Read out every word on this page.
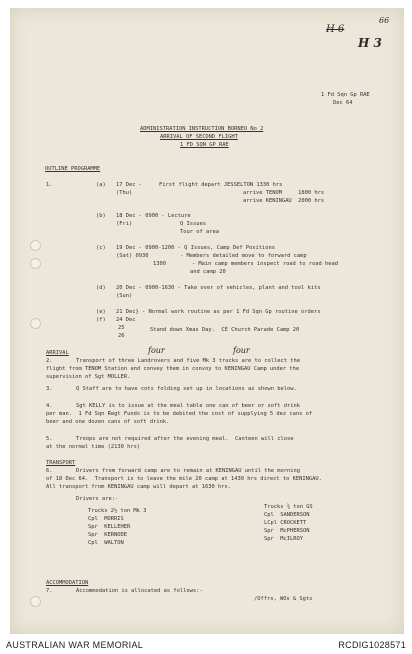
66
H 6
H 3
1 Fd Sqn Gp RAE
Dec 64
ADMINISTRATION INSTRUCTION BORNEO No 2
ARRIVAL OF SECOND FLIGHT
1 FD SQN GP RAE
OUTLINE PROGRAMME
1.	(a) 17 Dec -
(Thu)
First flight depart JESSELTON 1330 hrs
arrive TENOM     1800 hrs
arrive KENINGAU  2000 hrs
(b) 18 Dec - 0900 - Lecture
(Fri)	Q Issues
Tour of area
(c) 19 Dec - 0900-1200 - Q Issues, Camp Def Positions
(Sat) 0930	- Members detailed move to forward camp
1300        - Main camp members inspect road to road head
and camp 20
(d) 20 Dec - 0900-1630 - Take over of vehicles, plant and tool kits
(Sun)
(e) 21 Dec} - Normal work routine as per 1 Fd Sqn Gp routine orders
(f) 24 Dec
25
26
Stand down Xmas Day.  CE Church Parade Camp 20
ARRIVAL	four	four
2.	Transport of three Landrovers and five Mk 3 trucks are to collect the
flight from TENOM Station and convey them in convoy to KENINGAU Camp under the
supervision of Sgt MOLLER.
3.	Q Staff are to have cots folding set up in locations as shown below.
4.	Sgt KELLY is to issue at the meal table one can of beer or soft drink
per man.  1 Fd Sqn Regt Funds is to be debited the cost of supplying 5 dez cans of
beer and one dozen cans of soft drink.
5.	Troops are not required after the evening meal.  Canteen will close
at the normal time (2130 hrs)
TRANSPORT
6.	Drivers from forward camp are to remain at KENINGAU until the morning
of 18 Dec 64.  Transport is to leave the mile 20 camp at 1430 hrs direct to KENINGAU.
All transport from KENINGAU camp will depart at 1630 hrs.
Drivers are:-
Trucks 2½ ton Mk 3
Cpl  MORRIS
Spr  KELLEHER
Spr  KERNODE
Cpl  WALTON
Trucks ¾ ton GS
Cpl  SANDERSON
LCpl CROCKETT
Spr  McPHERSON
Spr  McILROY
ACCOMMODATION
7.	Accommodation is allocated as follows:-
/Offrs, WOs & Sgts
AUSTRALIAN WAR MEMORIAL	RCDIG1028571
